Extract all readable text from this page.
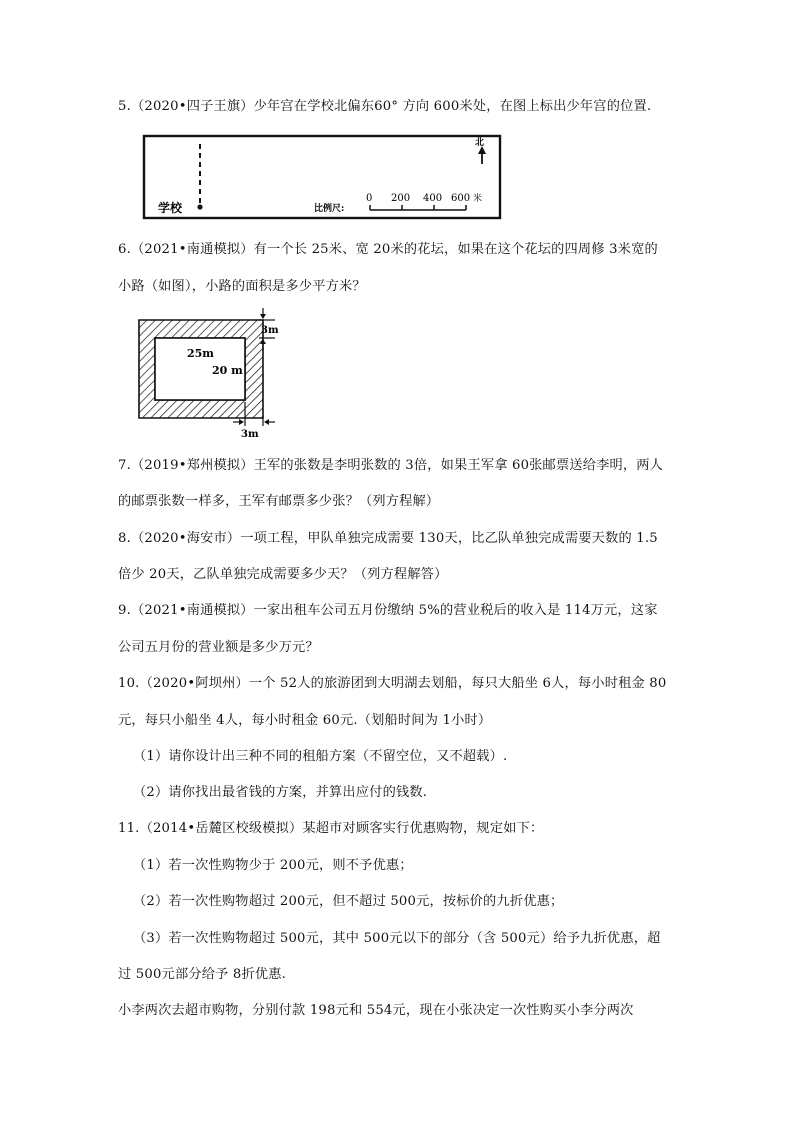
5.（2020•四子王旗）少年宫在学校北偏东60° 方向 600米处，在图上标出少年宫的位置.
学校
北
比例尺:
0 200 400 600 米
6.（2021•南通模拟）有一个长 25米、宽 20米的花坛，如果在这个花坛的四周修 3米宽的
小路（如图），小路的面积是多少平方米？
25m
20 m
3m
3m
7.（2019•郑州模拟）王军的张数是李明张数的 3倍，如果王军拿 60张邮票送给李明，两人
的邮票张数一样多，王军有邮票多少张？（列方程解）
8.（2020•海安市）一项工程，甲队单独完成需要 130天，比乙队单独完成需要天数的 1.5
倍少 20天，乙队单独完成需要多少天？（列方程解答）
9.（2021•南通模拟）一家出租车公司五月份缴纳 5%的营业税后的收入是 114万元，这家
公司五月份的营业额是多少万元？
10.（2020•阿坝州）一个 52人的旅游团到大明湖去划船，每只大船坐 6人，每小时租金 80
元，每只小船坐 4人，每小时租金 60元.（划船时间为 1小时）
（1）请你设计出三种不同的租船方案（不留空位，又不超载）.
（2）请你找出最省钱的方案，并算出应付的钱数.
11.（2014•岳麓区校级模拟）某超市对顾客实行优惠购物，规定如下：
（1）若一次性购物少于 200元，则不予优惠；
（2）若一次性购物超过 200元，但不超过 500元，按标价的九折优惠；
（3）若一次性购物超过 500元，其中 500元以下的部分（含 500元）给予九折优惠，超
过 500元部分给予 8折优惠.
小李两次去超市购物，分别付款 198元和 554元，现在小张决定一次性购买小李分两次
